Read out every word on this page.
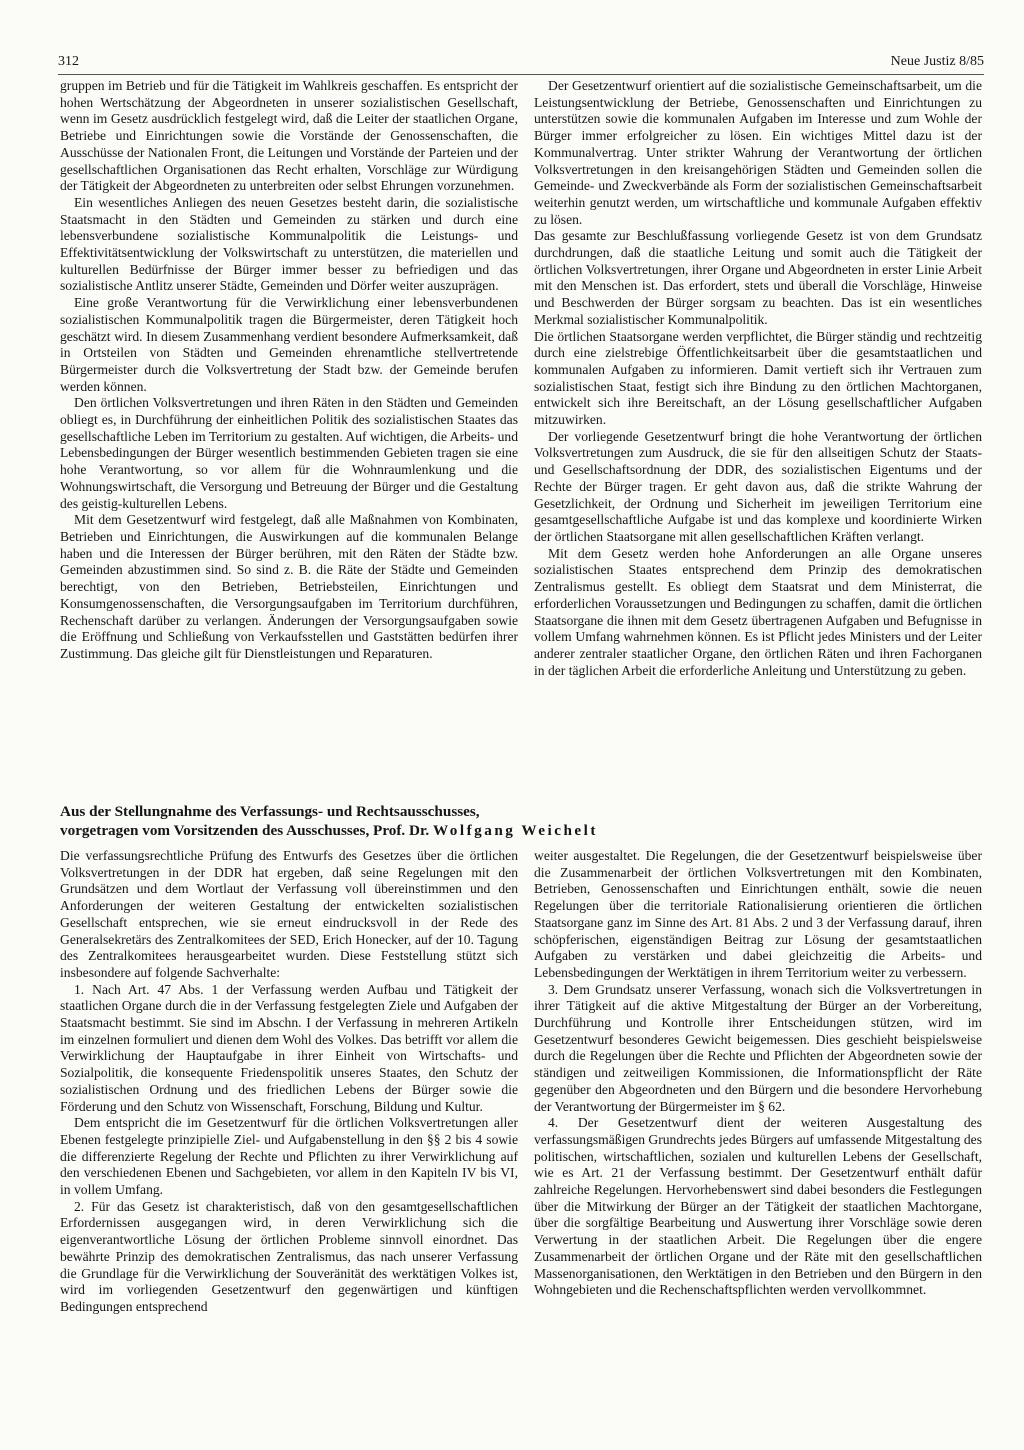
312	Neue Justiz 8/85

gruppen im Betrieb und für die Tätigkeit im Wahlkreis geschaffen. Es entspricht der hohen Wertschätzung der Abgeordneten in unserer sozialistischen Gesellschaft, wenn im Gesetz ausdrücklich festgelegt wird, daß die Leiter der staatlichen Organe, Betriebe und Einrichtungen sowie die Vorstände der Genossenschaften, die Ausschüsse der Nationalen Front, die Leitungen und Vorstände der Parteien und der gesellschaftlichen Organisationen das Recht erhalten, Vorschläge zur Würdigung der Tätigkeit der Abgeordneten zu unterbreiten oder selbst Ehrungen vorzunehmen.

Ein wesentliches Anliegen des neuen Gesetzes besteht darin, die sozialistische Staatsmacht in den Städten und Gemeinden zu stärken und durch eine lebensverbundene sozialistische Kommunalpolitik die Leistungs- und Effektivitätsentwicklung der Volkswirtschaft zu unterstützen, die materiellen und kulturellen Bedürfnisse der Bürger immer besser zu befriedigen und das sozialistische Antlitz unserer Städte, Gemeinden und Dörfer weiter auszuprägen.

Eine große Verantwortung für die Verwirklichung einer lebensverbundenen sozialistischen Kommunalpolitik tragen die Bürgermeister, deren Tätigkeit hoch geschätzt wird. In diesem Zusammenhang verdient besondere Aufmerksamkeit, daß in Ortsteilen von Städten und Gemeinden ehrenamtliche stellvertretende Bürgermeister durch die Volksvertretung der Stadt bzw. der Gemeinde berufen werden können.

Den örtlichen Volksvertretungen und ihren Räten in den Städten und Gemeinden obliegt es, in Durchführung der einheitlichen Politik des sozialistischen Staates das gesellschaftliche Leben im Territorium zu gestalten. Auf wichtigen, die Arbeits- und Lebensbedingungen der Bürger wesentlich bestimmenden Gebieten tragen sie eine hohe Verantwortung, so vor allem für die Wohnraumlenkung und die Wohnungswirtschaft, die Versorgung und Betreuung der Bürger und die Gestaltung des geistig-kulturellen Lebens.

Mit dem Gesetzentwurf wird festgelegt, daß alle Maßnahmen von Kombinaten, Betrieben und Einrichtungen, die Auswirkungen auf die kommunalen Belange haben und die Interessen der Bürger berühren, mit den Räten der Städte bzw. Gemeinden abzustimmen sind. So sind z. B. die Räte der Städte und Gemeinden berechtigt, von den Betrieben, Betriebsteilen, Einrichtungen und Konsumgenossenschaften, die Versorgungsaufgaben im Territorium durchführen, Rechenschaft darüber zu verlangen. Änderungen der Versorgungsaufgaben sowie die Eröffnung und Schließung von Verkaufsstellen und Gaststätten bedürfen ihrer Zustimmung. Das gleiche gilt für Dienstleistungen und Reparaturen.

Der Gesetzentwurf orientiert auf die sozialistische Gemeinschaftsarbeit, um die Leistungsentwicklung der Betriebe, Genossenschaften und Einrichtungen zu unterstützen sowie die kommunalen Aufgaben im Interesse und zum Wohle der Bürger immer erfolgreicher zu lösen. Ein wichtiges Mittel dazu ist der Kommunalvertrag. Unter strikter Wahrung der Verantwortung der örtlichen Volksvertretungen in den kreisangehörigen Städten und Gemeinden sollen die Gemeinde- und Zweckverbände als Form der sozialistischen Gemeinschaftsarbeit weiterhin genutzt werden, um wirtschaftliche und kommunale Aufgaben effektiv zu lösen.

Das gesamte zur Beschlußfassung vorliegende Gesetz ist von dem Grundsatz durchdrungen, daß die staatliche Leitung und somit auch die Tätigkeit der örtlichen Volksvertretungen, ihrer Organe und Abgeordneten in erster Linie Arbeit mit den Menschen ist. Das erfordert, stets und überall die Vorschläge, Hinweise und Beschwerden der Bürger sorgsam zu beachten. Das ist ein wesentliches Merkmal sozialistischer Kommunalpolitik.

Die örtlichen Staatsorgane werden verpflichtet, die Bürger ständig und rechtzeitig durch eine zielstrebige Öffentlichkeitsarbeit über die gesamtstaatlichen und kommunalen Aufgaben zu informieren. Damit vertieft sich ihr Vertrauen zum sozialistischen Staat, festigt sich ihre Bindung zu den örtlichen Machtorganen, entwickelt sich ihre Bereitschaft, an der Lösung gesellschaftlicher Aufgaben mitzuwirken.

Der vorliegende Gesetzentwurf bringt die hohe Verantwortung der örtlichen Volksvertretungen zum Ausdruck, die sie für den allseitigen Schutz der Staats- und Gesellschaftsordnung der DDR, des sozialistischen Eigentums und der Rechte der Bürger tragen. Er geht davon aus, daß die strikte Wahrung der Gesetzlichkeit, der Ordnung und Sicherheit im jeweiligen Territorium eine gesamtgesellschaftliche Aufgabe ist und das komplexe und koordinierte Wirken der örtlichen Staatsorgane mit allen gesellschaftlichen Kräften verlangt.

Mit dem Gesetz werden hohe Anforderungen an alle Organe unseres sozialistischen Staates entsprechend dem Prinzip des demokratischen Zentralismus gestellt. Es obliegt dem Staatsrat und dem Ministerrat, die erforderlichen Voraussetzungen und Bedingungen zu schaffen, damit die örtlichen Staatsorgane die ihnen mit dem Gesetz übertragenen Aufgaben und Befugnisse in vollem Umfang wahrnehmen können. Es ist Pflicht jedes Ministers und der Leiter anderer zentraler staatlicher Organe, den örtlichen Räten und ihren Fachorganen in der täglichen Arbeit die erforderliche Anleitung und Unterstützung zu geben.

Aus der Stellungnahme des Verfassungs- und Rechtsausschusses,
vorgetragen vom Vorsitzenden des Ausschusses, Prof. Dr. Wolfgang Weichelt

Die verfassungsrechtliche Prüfung des Entwurfs des Gesetzes über die örtlichen Volksvertretungen in der DDR hat ergeben, daß seine Regelungen mit den Grundsätzen und dem Wortlaut der Verfassung voll übereinstimmen und den Anforderungen der weiteren Gestaltung der entwickelten sozialistischen Gesellschaft entsprechen, wie sie erneut eindrucksvoll in der Rede des Generalsekretärs des Zentralkomitees der SED, Erich Honecker, auf der 10. Tagung des Zentralkomitees herausgearbeitet wurden. Diese Feststellung stützt sich insbesondere auf folgende Sachverhalte:

1. Nach Art. 47 Abs. 1 der Verfassung werden Aufbau und Tätigkeit der staatlichen Organe durch die in der Verfassung festgelegten Ziele und Aufgaben der Staatsmacht bestimmt. Sie sind im Abschn. I der Verfassung in mehreren Artikeln im einzelnen formuliert und dienen dem Wohl des Volkes. Das betrifft vor allem die Verwirklichung der Hauptaufgabe in ihrer Einheit von Wirtschafts- und Sozialpolitik, die konsequente Friedenspolitik unseres Staates, den Schutz der sozialistischen Ordnung und des friedlichen Lebens der Bürger sowie die Förderung und den Schutz von Wissenschaft, Forschung, Bildung und Kultur.

Dem entspricht die im Gesetzentwurf für die örtlichen Volksvertretungen aller Ebenen festgelegte prinzipielle Ziel- und Aufgabenstellung in den §§ 2 bis 4 sowie die differenzierte Regelung der Rechte und Pflichten zu ihrer Verwirklichung auf den verschiedenen Ebenen und Sachgebieten, vor allem in den Kapiteln IV bis VI, in vollem Umfang.

2. Für das Gesetz ist charakteristisch, daß von den gesamtgesellschaftlichen Erfordernissen ausgegangen wird, in deren Verwirklichung sich die eigenverantwortliche Lösung der örtlichen Probleme sinnvoll einordnet. Das bewährte Prinzip des demokratischen Zentralismus, das nach unserer Verfassung die Grundlage für die Verwirklichung der Souveränität des werktätigen Volkes ist, wird im vorliegenden Gesetzentwurf den gegenwärtigen und künftigen Bedingungen entsprechend

weiter ausgestaltet. Die Regelungen, die der Gesetzentwurf beispielsweise über die Zusammenarbeit der örtlichen Volksvertretungen mit den Kombinaten, Betrieben, Genossenschaften und Einrichtungen enthält, sowie die neuen Regelungen über die territoriale Rationalisierung orientieren die örtlichen Staatsorgane ganz im Sinne des Art. 81 Abs. 2 und 3 der Verfassung darauf, ihren schöpferischen, eigenständigen Beitrag zur Lösung der gesamtstaatlichen Aufgaben zu verstärken und dabei gleichzeitig die Arbeits- und Lebensbedingungen der Werktätigen in ihrem Territorium weiter zu verbessern.

3. Dem Grundsatz unserer Verfassung, wonach sich die Volksvertretungen in ihrer Tätigkeit auf die aktive Mitgestaltung der Bürger an der Vorbereitung, Durchführung und Kontrolle ihrer Entscheidungen stützen, wird im Gesetzentwurf besonderes Gewicht beigemessen. Dies geschieht beispielsweise durch die Regelungen über die Rechte und Pflichten der Abgeordneten sowie der ständigen und zeitweiligen Kommissionen, die Informationspflicht der Räte gegenüber den Abgeordneten und den Bürgern und die besondere Hervorhebung der Verantwortung der Bürgermeister im § 62.

4. Der Gesetzentwurf dient der weiteren Ausgestaltung des verfassungsmäßigen Grundrechts jedes Bürgers auf umfassende Mitgestaltung des politischen, wirtschaftlichen, sozialen und kulturellen Lebens der Gesellschaft, wie es Art. 21 der Verfassung bestimmt. Der Gesetzentwurf enthält dafür zahlreiche Regelungen. Hervorhebenswert sind dabei besonders die Festlegungen über die Mitwirkung der Bürger an der Tätigkeit der staatlichen Machtorgane, über die sorgfältige Bearbeitung und Auswertung ihrer Vorschläge sowie deren Verwertung in der staatlichen Arbeit. Die Regelungen über die engere Zusammenarbeit der örtlichen Organe und der Räte mit den gesellschaftlichen Massenorganisationen, den Werktätigen in den Betrieben und den Bürgern in den Wohngebieten und die Rechenschaftspflichten werden vervollkommnet.
